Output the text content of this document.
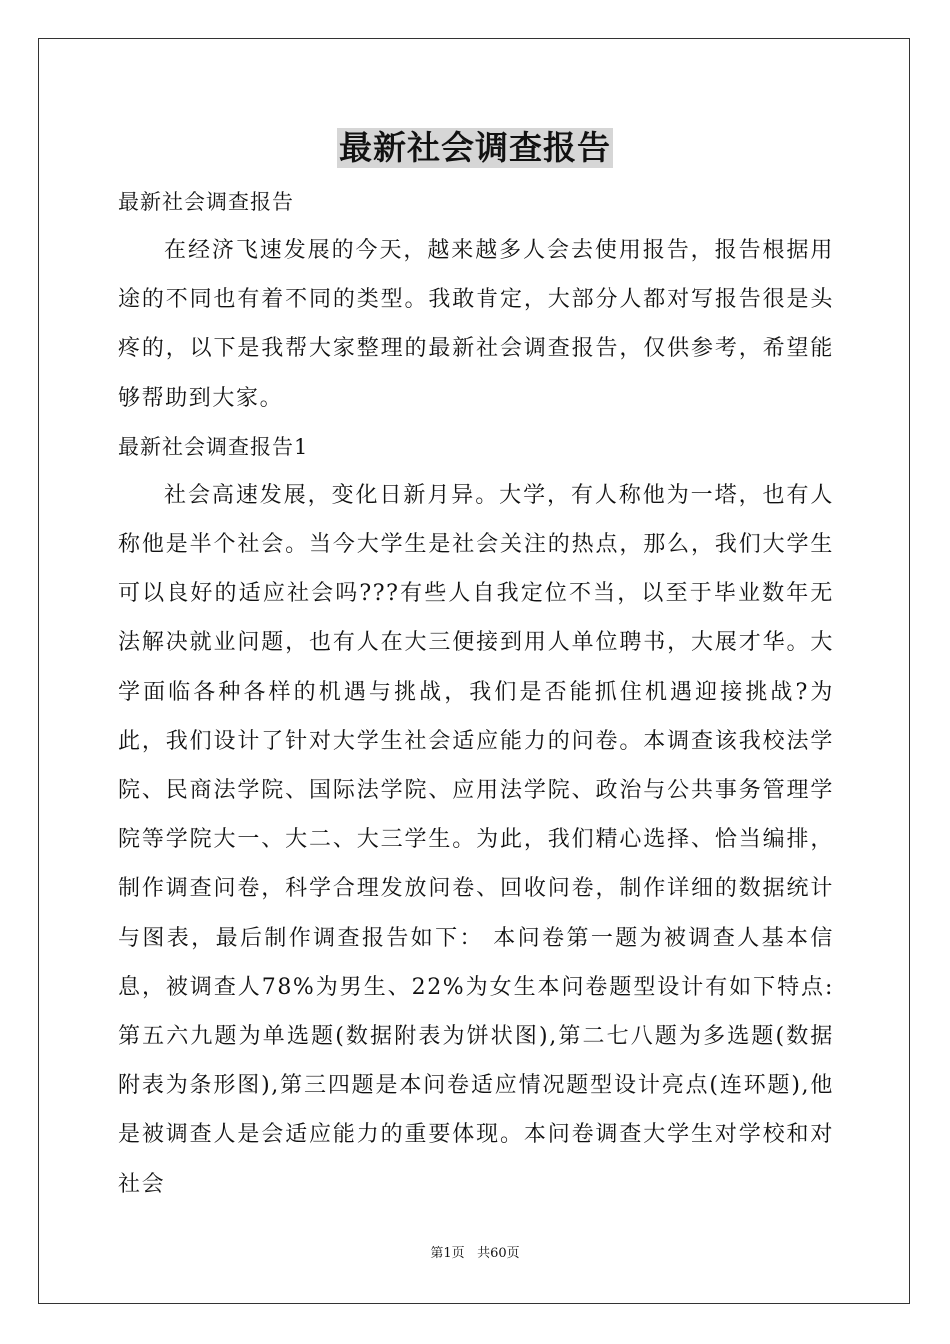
最新社会调查报告
最新社会调查报告

在经济飞速发展的今天，越来越多人会去使用报告，报告根据用途的不同也有着不同的类型。我敢肯定，大部分人都对写报告很是头疼的，以下是我帮大家整理的最新社会调查报告，仅供参考，希望能够帮助到大家。

最新社会调查报告1

社会高速发展，变化日新月异。大学，有人称他为一塔，也有人称他是半个社会。当今大学生是社会关注的热点，那么，我们大学生可以良好的适应社会吗???有些人自我定位不当，以至于毕业数年无法解决就业问题，也有人在大三便接到用人单位聘书，大展才华。大学面临各种各样的机遇与挑战，我们是否能抓住机遇迎接挑战?为此，我们设计了针对大学生社会适应能力的问卷。本调查该我校法学院、民商法学院、国际法学院、应用法学院、政治与公共事务管理学院等学院大一、大二、大三学生。为此，我们精心选择、恰当编排，制作调查问卷，科学合理发放问卷、回收问卷，制作详细的数据统计与图表，最后制作调查报告如下： 本问卷第一题为被调查人基本信息，被调查人78%为男生、22%为女生本问卷题型设计有如下特点:第五六九题为单选题(数据附表为饼状图),第二七八题为多选题(数据附表为条形图),第三四题是本问卷适应情况题型设计亮点(连环题),他是被调查人是会适应能力的重要体现。本问卷调查大学生对学校和对社会

第1页 共60页
